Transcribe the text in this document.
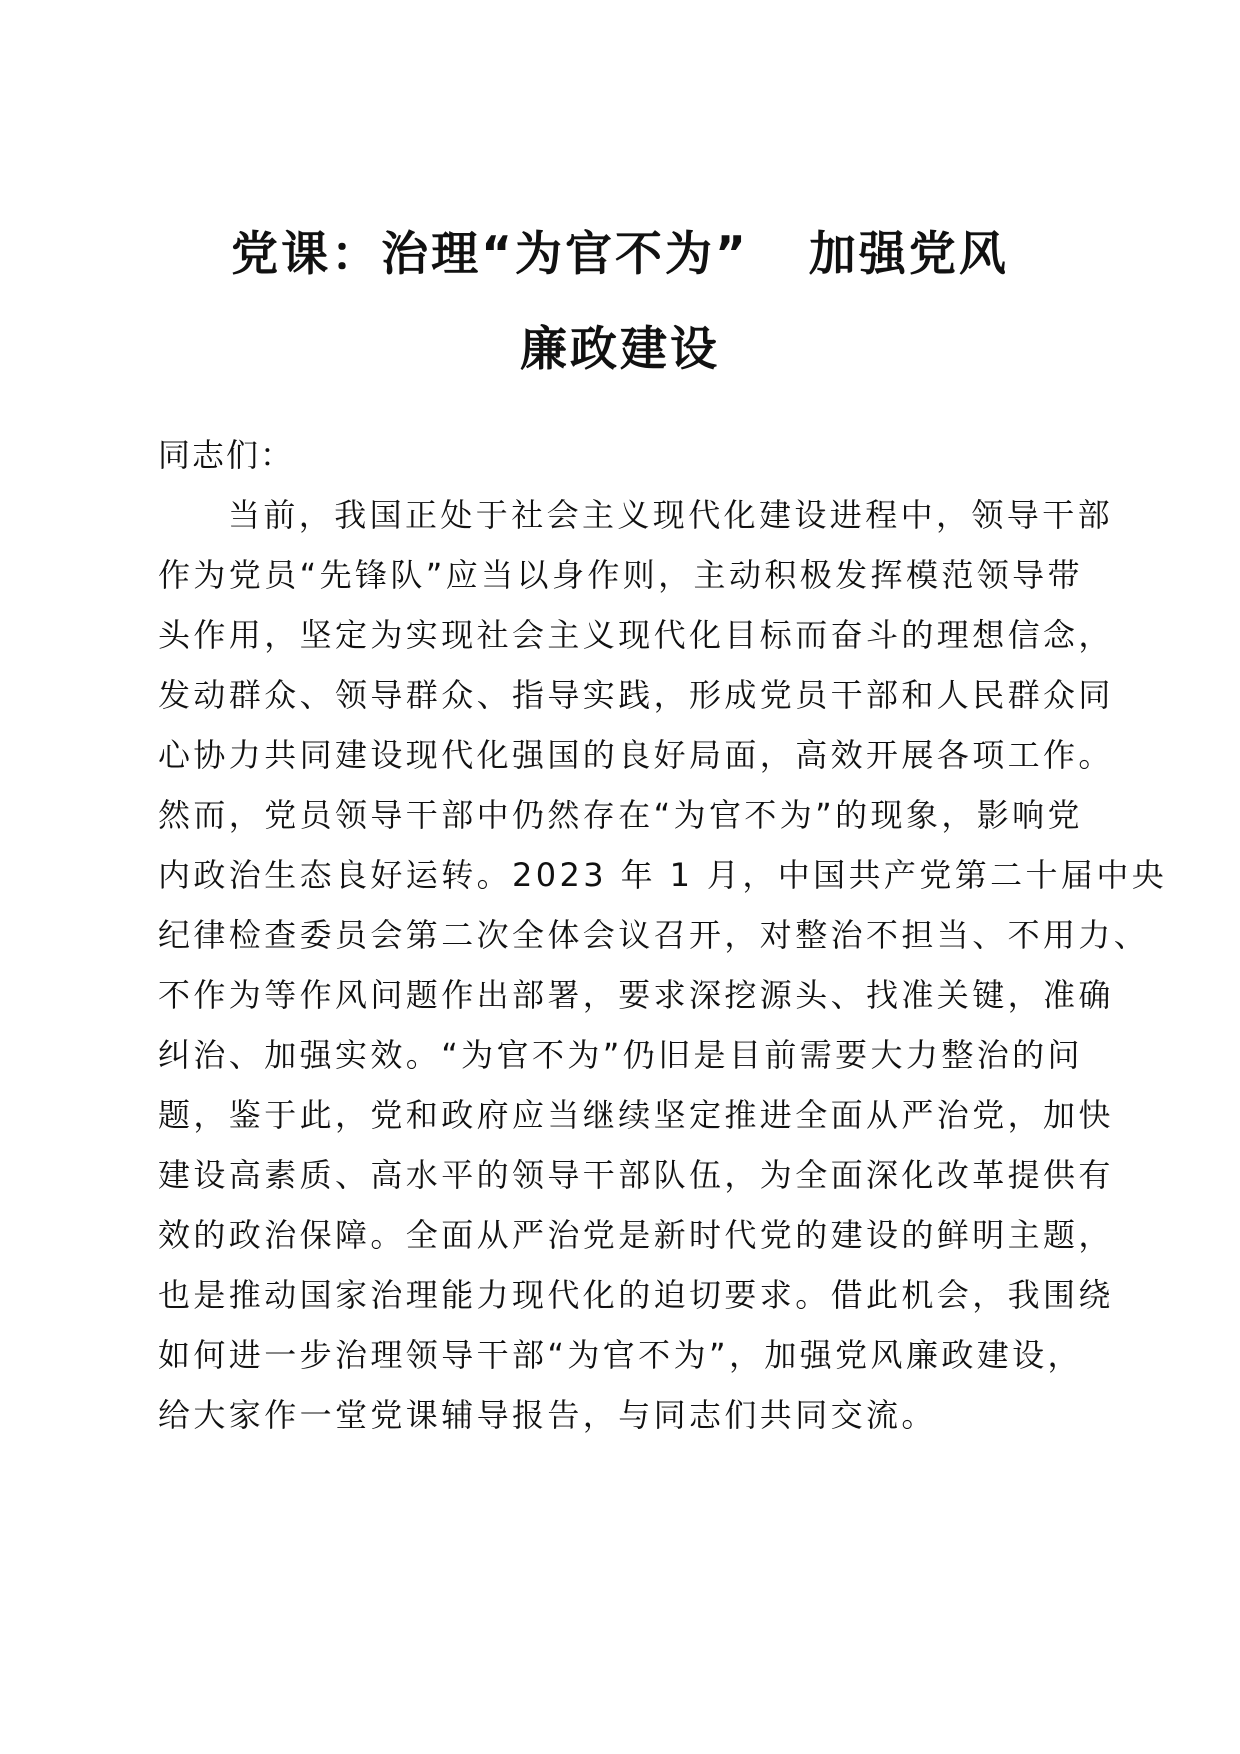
党课：治理“为官不为” 加强党风
廉政建设
同志们：
当前，我国正处于社会主义现代化建设进程中，领导干部
作为党员“先锋队”应当以身作则，主动积极发挥模范领导带
头作用，坚定为实现社会主义现代化目标而奋斗的理想信念，
发动群众、领导群众、指导实践，形成党员干部和人民群众同
心协力共同建设现代化强国的良好局面，高效开展各项工作。
然而，党员领导干部中仍然存在“为官不为”的现象，影响党
内政治生态良好运转。2023 年 1 月，中国共产党第二十届中央
纪律检查委员会第二次全体会议召开，对整治不担当、不用力、
不作为等作风问题作出部署，要求深挖源头、找准关键，准确
纠治、加强实效。“为官不为”仍旧是目前需要大力整治的问
题，鉴于此，党和政府应当继续坚定推进全面从严治党，加快
建设高素质、高水平的领导干部队伍，为全面深化改革提供有
效的政治保障。全面从严治党是新时代党的建设的鲜明主题，
也是推动国家治理能力现代化的迫切要求。借此机会，我围绕
如何进一步治理领导干部“为官不为”，加强党风廉政建设，
给大家作一堂党课辅导报告，与同志们共同交流。
